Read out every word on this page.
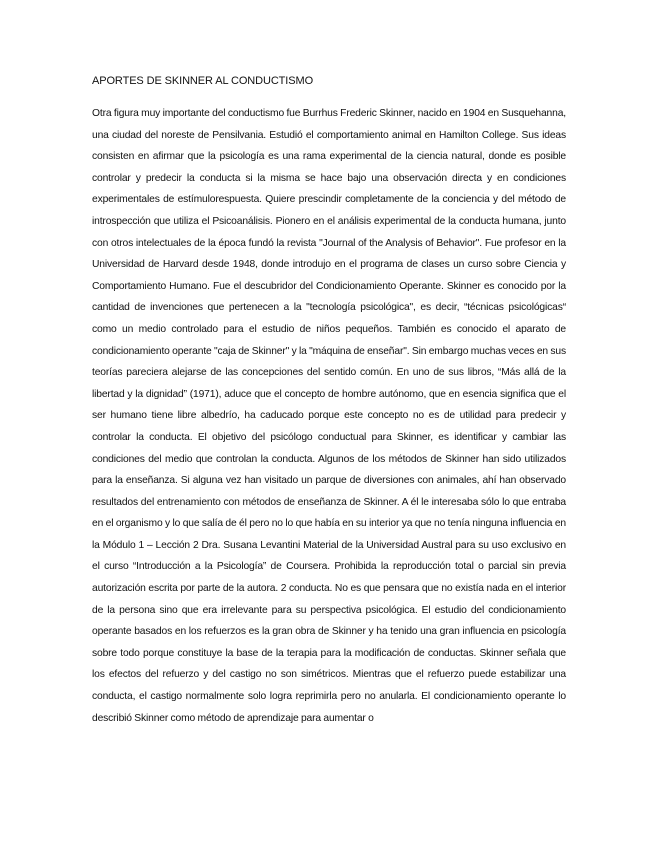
APORTES DE SKINNER AL CONDUCTISMO

Otra figura muy importante del conductismo fue Burrhus Frederic Skinner, nacido en 1904 en Susquehanna, una ciudad del noreste de Pensilvania. Estudió el comportamiento animal en Hamilton College. Sus ideas consisten en afirmar que la psicología es una rama experimental de la ciencia natural, donde es posible controlar y predecir la conducta si la misma se hace bajo una observación directa y en condiciones experimentales de estímulorespuesta. Quiere prescindir completamente de la conciencia y del método de introspección que utiliza el Psicoanálisis. Pionero en el análisis experimental de la conducta humana, junto con otros intelectuales de la época fundó la revista "Journal of the Analysis of Behavior". Fue profesor en la Universidad de Harvard desde 1948, donde introdujo en el programa de clases un curso sobre Ciencia y Comportamiento Humano. Fue el descubridor del Condicionamiento Operante. Skinner es conocido por la cantidad de invenciones que pertenecen a la "tecnología psicológica", es decir, “técnicas psicológicas“ como un medio controlado para el estudio de niños pequeños. También es conocido el aparato de condicionamiento operante "caja de Skinner" y la "máquina de enseñar". Sin embargo muchas veces en sus teorías pareciera alejarse de las concepciones del sentido común. En uno de sus libros, “Más allá de la libertad y la dignidad” (1971), aduce que el concepto de hombre autónomo, que en esencia significa que el ser humano tiene libre albedrío, ha caducado porque este concepto no es de utilidad para predecir y controlar la conducta. El objetivo del psicólogo conductual para Skinner, es identificar y cambiar las condiciones del medio que controlan la conducta. Algunos de los métodos de Skinner han sido utilizados para la enseñanza. Si alguna vez han visitado un parque de diversiones con animales, ahí han observado resultados del entrenamiento con métodos de enseñanza de Skinner. A él le interesaba sólo lo que entraba en el organismo y lo que salía de él pero no lo que había en su interior ya que no tenía ninguna influencia en la Módulo 1 – Lección 2 Dra. Susana Levantini Material de la Universidad Austral para su uso exclusivo en el curso “Introducción a la Psicología” de Coursera. Prohibida la reproducción total o parcial sin previa autorización escrita por parte de la autora. 2 conducta. No es que pensara que no existía nada en el interior de la persona sino que era irrelevante para su perspectiva psicológica. El estudio del condicionamiento operante basados en los refuerzos es la gran obra de Skinner y ha tenido una gran influencia en psicología sobre todo porque constituye la base de la terapia para la modificación de conductas. Skinner señala que los efectos del refuerzo y del castigo no son simétricos. Mientras que el refuerzo puede estabilizar una conducta, el castigo normalmente solo logra reprimirla pero no anularla. El condicionamiento operante lo describió Skinner como método de aprendizaje para aumentar o
